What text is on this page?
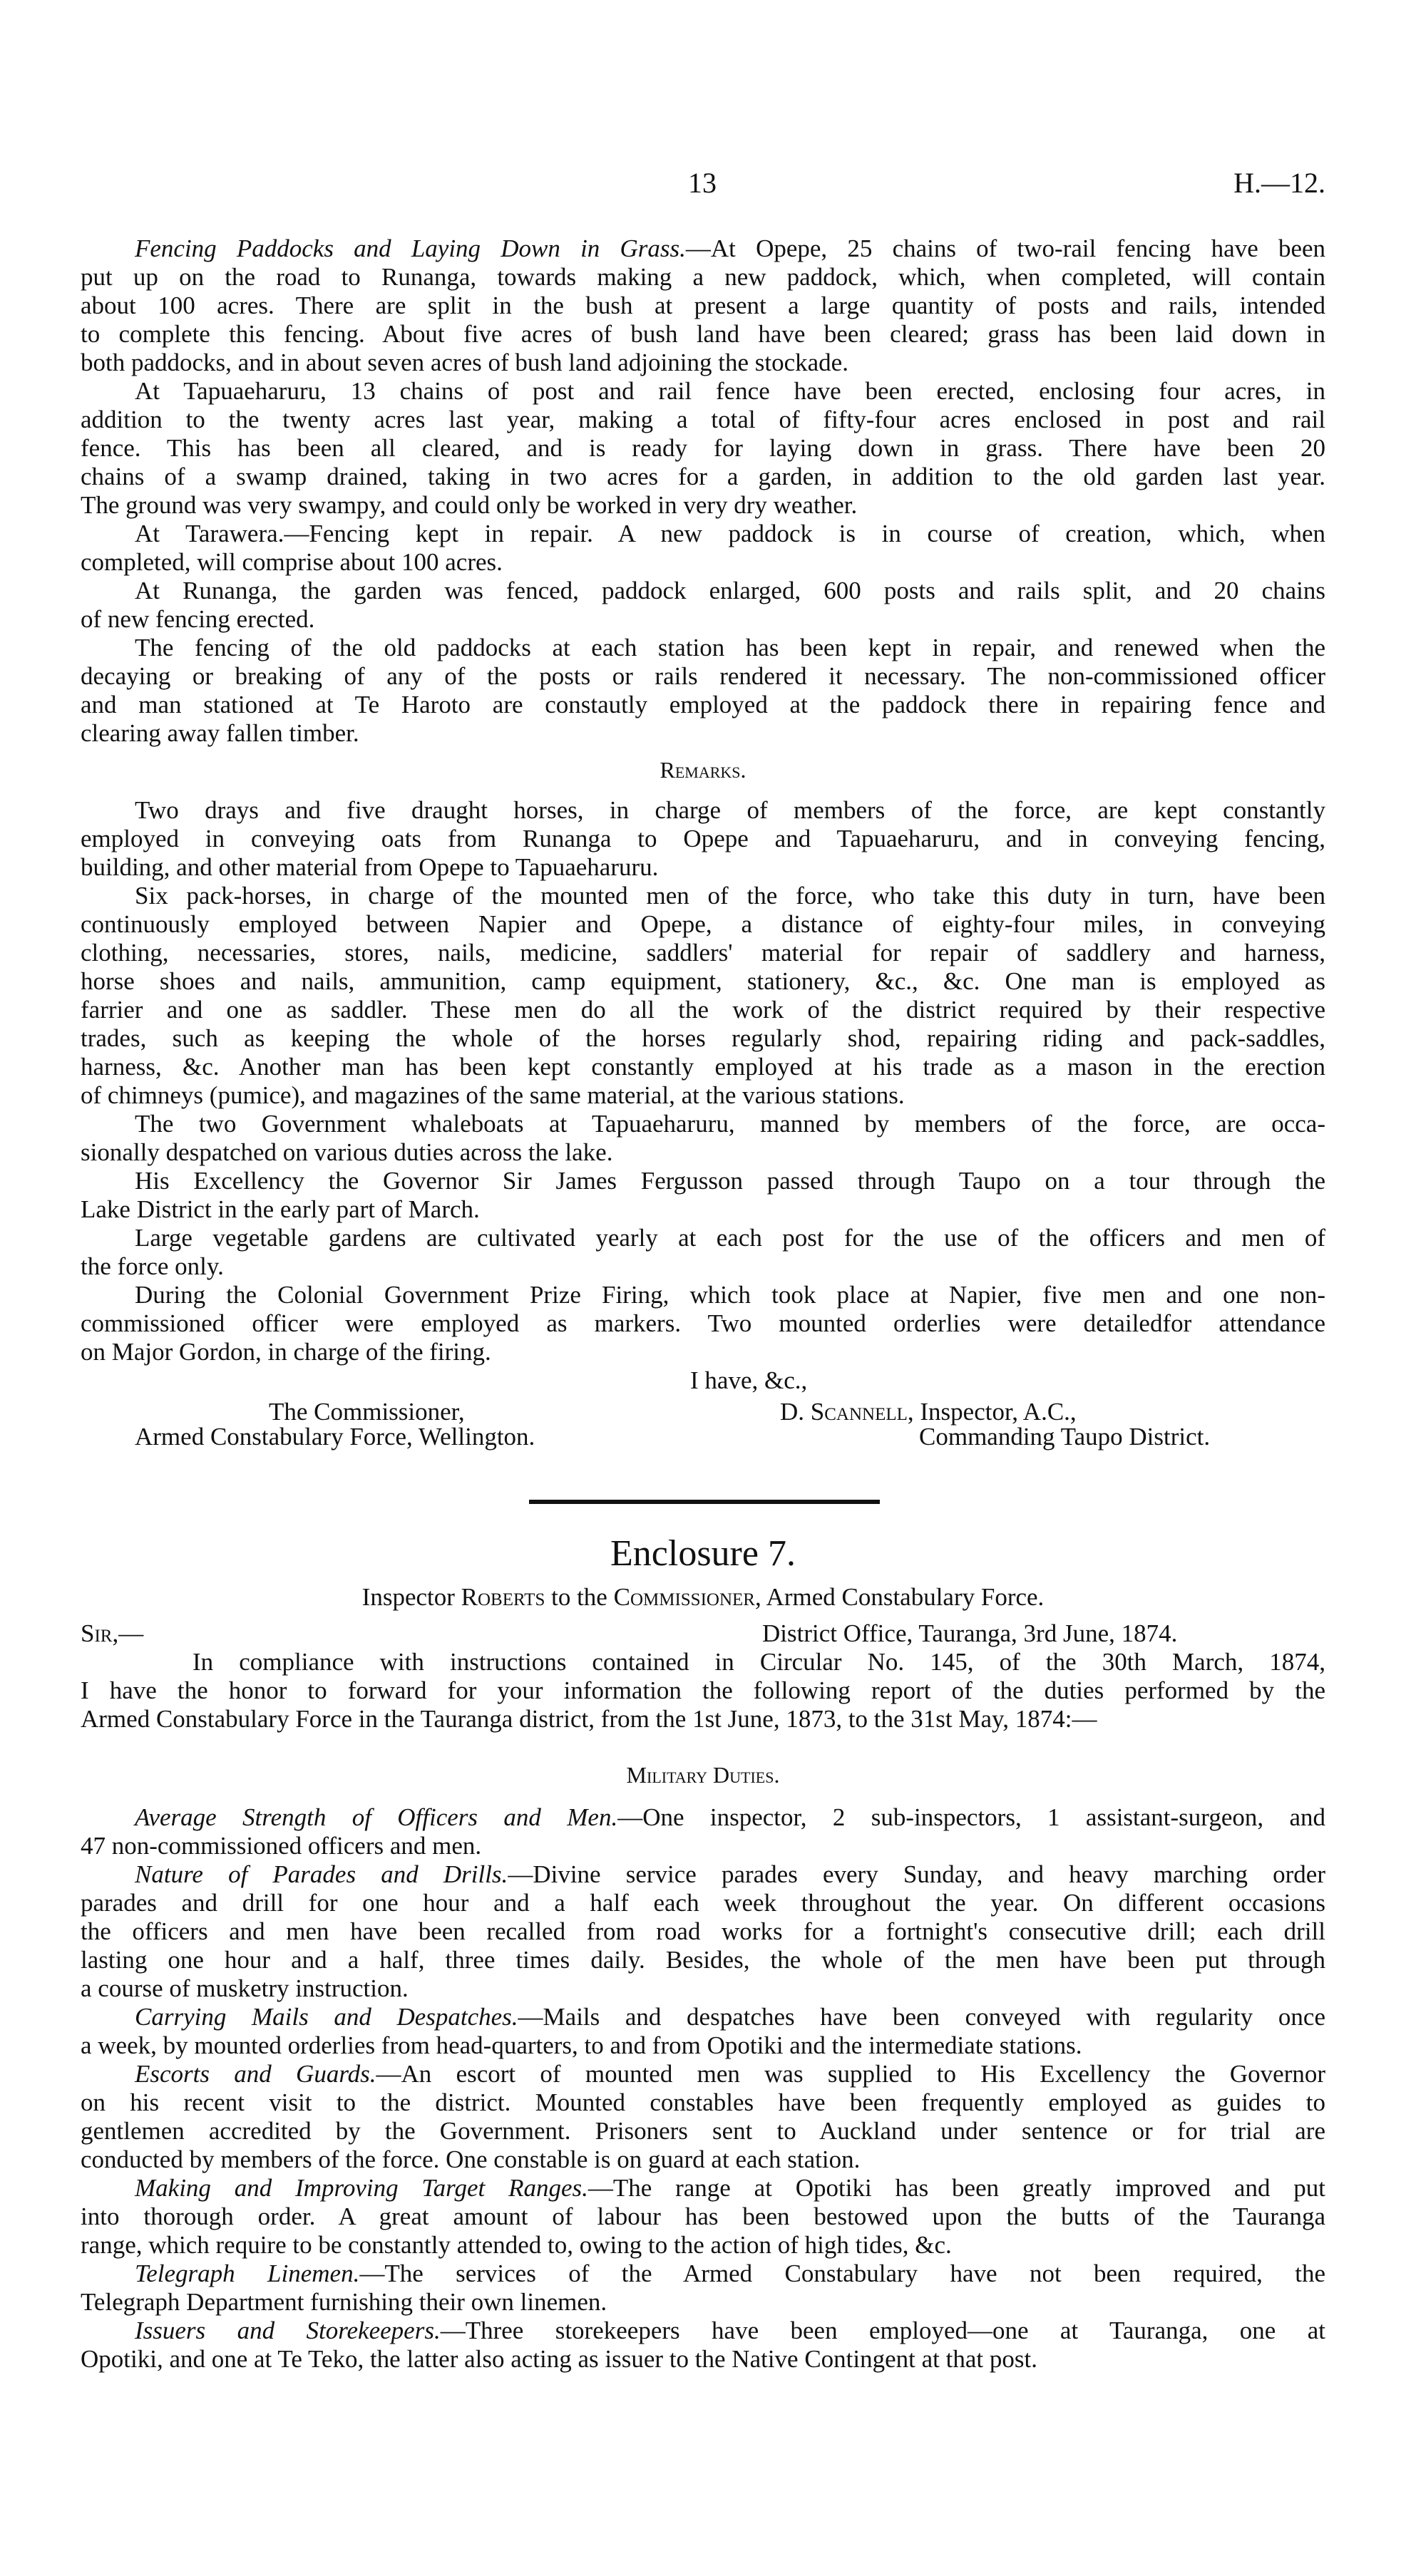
13	H.—12.
Fencing Paddocks and Laying Down in Grass.—At Opepe, 25 chains of two-rail fencing have been
put up on the road to Runanga, towards making a new paddock, which, when completed, will contain
about 100 acres. There are split in the bush at present a large quantity of posts and rails, intended
to complete this fencing. About five acres of bush land have been cleared; grass has been laid down in
both paddocks, and in about seven acres of bush land adjoining the stockade.
At Tapuaeharuru, 13 chains of post and rail fence have been erected, enclosing four acres, in
addition to the twenty acres last year, making a total of fifty-four acres enclosed in post and rail
fence. This has been all cleared, and is ready for laying down in grass. There have been 20
chains of a swamp drained, taking in two acres for a garden, in addition to the old garden last year.
The ground was very swampy, and could only be worked in very dry weather.
At Tarawera.—Fencing kept in repair. A new paddock is in course of creation, which, when
completed, will comprise about 100 acres.
At Runanga, the garden was fenced, paddock enlarged, 600 posts and rails split, and 20 chains
of new fencing erected.
The fencing of the old paddocks at each station has been kept in repair, and renewed when the
decaying or breaking of any of the posts or rails rendered it necessary. The non-commissioned officer
and man stationed at Te Haroto are constautly employed at the paddock there in repairing fence and
clearing away fallen timber.
Remarks.
Two drays and five draught horses, in charge of members of the force, are kept constantly
employed in conveying oats from Runanga to Opepe and Tapuaeharuru, and in conveying fencing,
building, and other material from Opepe to Tapuaeharuru.
Six pack-horses, in charge of the mounted men of the force, who take this duty in turn, have been
continuously employed between Napier and Opepe, a distance of eighty-four miles, in conveying
clothing, necessaries, stores, nails, medicine, saddlers' material for repair of saddlery and harness,
horse shoes and nails, ammunition, camp equipment, stationery, &c., &c. One man is employed as
farrier and one as saddler. These men do all the work of the district required by their respective
trades, such as keeping the whole of the horses regularly shod, repairing riding and pack-saddles,
harness, &c. Another man has been kept constantly employed at his trade as a mason in the erection
of chimneys (pumice), and magazines of the same material, at the various stations.
The two Government whaleboats at Tapuaeharuru, manned by members of the force, are occa-
sionally despatched on various duties across the lake.
His Excellency the Governor Sir James Fergusson passed through Taupo on a tour through the
Lake District in the early part of March.
Large vegetable gardens are cultivated yearly at each post for the use of the officers and men of
the force only.
During the Colonial Government Prize Firing, which took place at Napier, five men and one non-
commissioned officer were employed as markers. Two mounted orderlies were detailedfor attendance
on Major Gordon, in charge of the firing.
I have, &c.,
The Commissioner,	D. Scannell, Inspector, A.C.,
Armed Constabulary Force, Wellington.	Commanding Taupo District.
Enclosure 7.
Inspector Roberts to the Commissioner, Armed Constabulary Force.
Sir,—	District Office, Tauranga, 3rd June, 1874.
In compliance with instructions contained in Circular No. 145, of the 30th March, 1874,
I have the honor to forward for your information the following report of the duties performed by the
Armed Constabulary Force in the Tauranga district, from the 1st June, 1873, to the 31st May, 1874:—
Military Duties.
Average Strength of Officers and Men.—One inspector, 2 sub-inspectors, 1 assistant-surgeon, and
47 non-commissioned officers and men.
Nature of Parades and Drills.—Divine service parades every Sunday, and heavy marching order
parades and drill for one hour and a half each week throughout the year. On different occasions
the officers and men have been recalled from road works for a fortnight's consecutive drill; each drill
lasting one hour and a half, three times daily. Besides, the whole of the men have been put through
a course of musketry instruction.
Carrying Mails and Despatches.—Mails and despatches have been conveyed with regularity once
a week, by mounted orderlies from head-quarters, to and from Opotiki and the intermediate stations.
Escorts and Guards.—An escort of mounted men was supplied to His Excellency the Governor
on his recent visit to the district. Mounted constables have been frequently employed as guides to
gentlemen accredited by the Government. Prisoners sent to Auckland under sentence or for trial are
conducted by members of the force. One constable is on guard at each station.
Making and Improving Target Ranges.—The range at Opotiki has been greatly improved and put
into thorough order. A great amount of labour has been bestowed upon the butts of the Tauranga
range, which require to be constantly attended to, owing to the action of high tides, &c.
Telegraph Linemen.—The services of the Armed Constabulary have not been required, the
Telegraph Department furnishing their own linemen.
Issuers and Storekeepers.—Three storekeepers have been employed—one at Tauranga, one at
Opotiki, and one at Te Teko, the latter also acting as issuer to the Native Contingent at that post.
